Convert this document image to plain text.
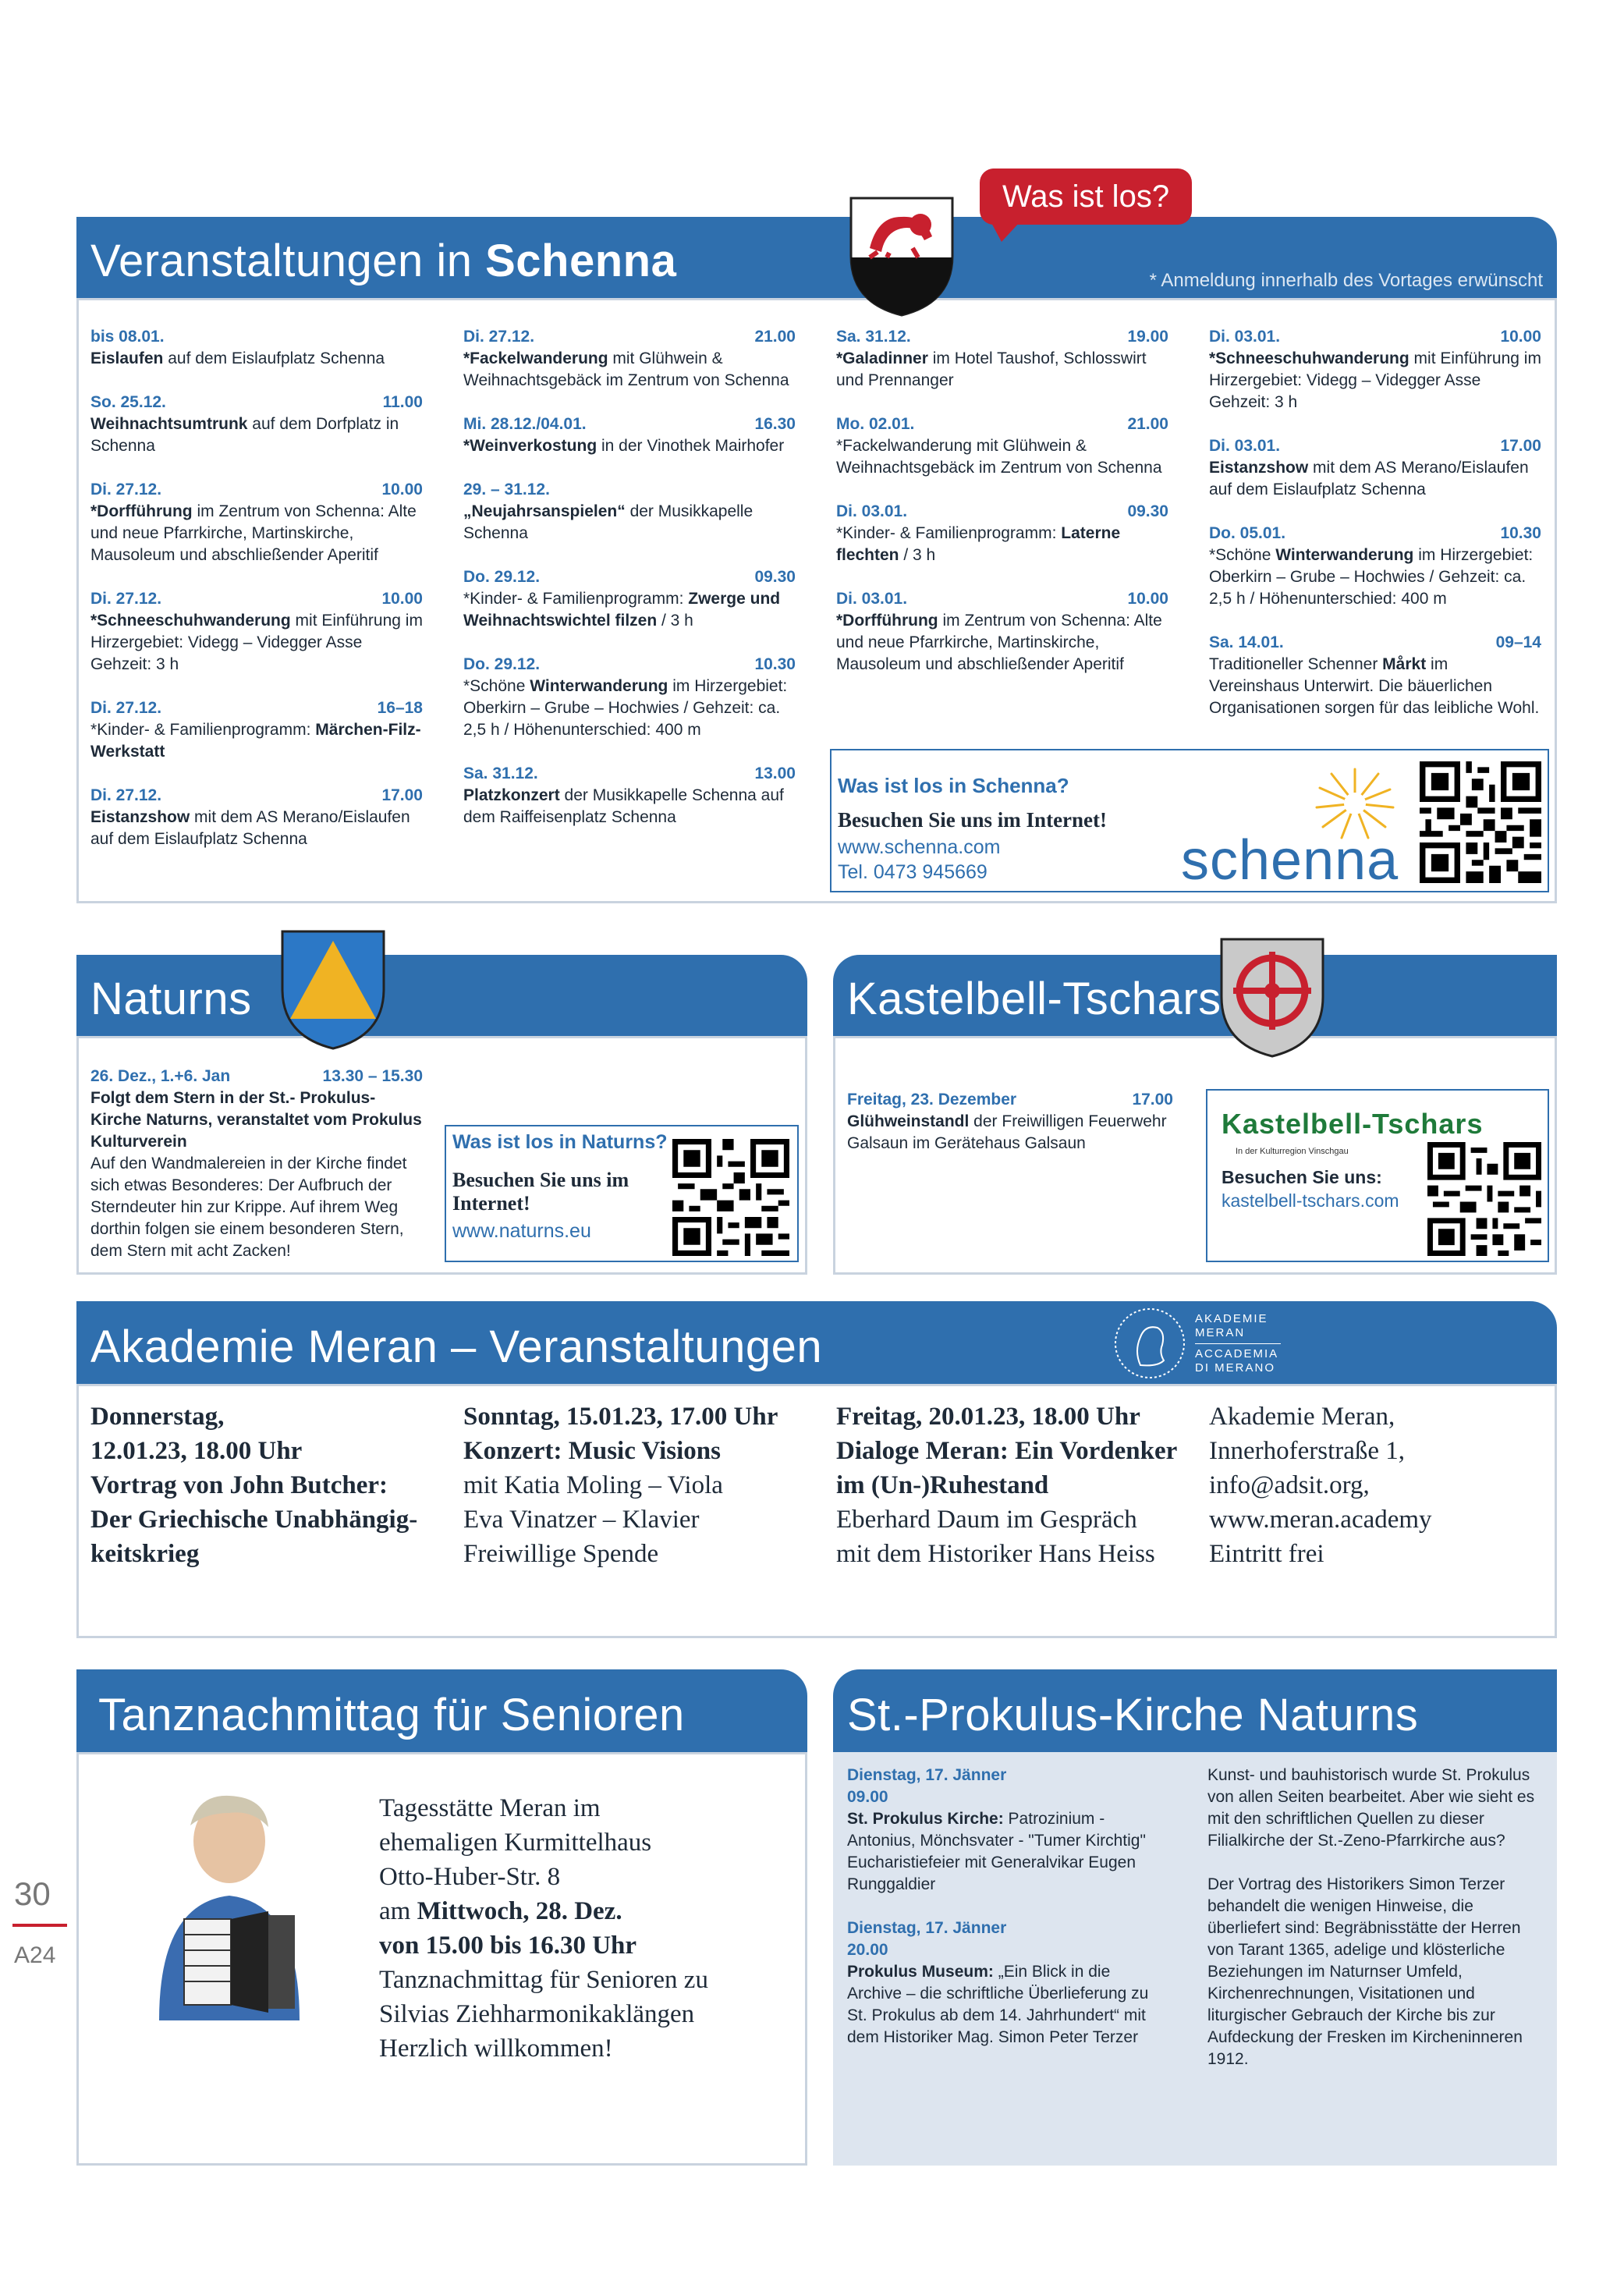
Veranstaltungen in Schenna	* Anmeldung innerhalb des Vortages erwünscht
Was ist los?
bis 08.01.
Eislaufen auf dem Eislaufplatz Schenna
So. 25.12.	11.00
Weihnachtsumtrunk auf dem Dorfplatz in Schenna
Di. 27.12.	10.00
*Dorfführung im Zentrum von Schenna: Alte und neue Pfarrkirche, Martinskirche, Mausoleum und abschließender Aperitif
Di. 27.12.	10.00
*Schneeschuhwanderung mit Einführung im Hirzergebiet: Videgg – Videgger Asse Gehzeit: 3 h
Di. 27.12.	16–18
*Kinder- & Familienprogramm: Märchen-Filz-Werkstatt
Di. 27.12.	17.00
Eistanzshow mit dem AS Merano/Eislaufen auf dem Eislaufplatz Schenna
Di. 27.12.	21.00
*Fackelwanderung mit Glühwein & Weihnachtsgebäck im Zentrum von Schenna
Mi. 28.12./04.01.	16.30
*Weinverkostung in der Vinothek Mairhofer
29. – 31.12.
„Neujahrsanspielen“ der Musikkapelle Schenna
Do. 29.12.	09.30
*Kinder- & Familienprogramm: Zwerge und Weihnachtswichtel filzen / 3 h
Do. 29.12.	10.30
*Schöne Winterwanderung im Hirzergebiet: Oberkirn – Grube – Hochwies / Gehzeit: ca. 2,5 h / Höhenunterschied: 400 m
Sa. 31.12.	13.00
Platzkonzert der Musikkapelle Schenna auf dem Raiffeisenplatz Schenna
Sa. 31.12.	19.00
*Galadinner im Hotel Taushof, Schlosswirt und Prennanger
Mo. 02.01.	21.00
*Fackelwanderung mit Glühwein & Weihnachtsgebäck im Zentrum von Schenna
Di. 03.01.	09.30
*Kinder- & Familienprogramm: Laterne flechten / 3 h
Di. 03.01.	10.00
*Dorfführung im Zentrum von Schenna: Alte und neue Pfarrkirche, Martinskirche, Mausoleum und abschließender Aperitif
Di. 03.01.	10.00
*Schneeschuhwanderung mit Einführung im Hirzergebiet: Videgg – Videgger Asse Gehzeit: 3 h
Di. 03.01.	17.00
Eistanzshow mit dem AS Merano/Eislaufen auf dem Eislaufplatz Schenna
Do. 05.01.	10.30
*Schöne Winterwanderung im Hirzergebiet: Oberkirn – Grube – Hochwies / Gehzeit: ca. 2,5 h / Höhenunterschied: 400 m
Sa. 14.01.	09–14
Traditioneller Schenner Mårkt im Vereinshaus Unterwirt. Die bäuerlichen Organisationen sorgen für das leibliche Wohl.
Was ist los in Schenna?
Besuchen Sie uns im Internet!
www.schenna.com
Tel. 0473 945669	schenna
Naturns
26. Dez., 1.+6. Jan	13.30 – 15.30
Folgt dem Stern in der St.- Prokulus-Kirche Naturns, veranstaltet vom Prokulus Kulturverein
Auf den Wandmalereien in der Kirche findet sich etwas Besonderes: Der Aufbruch der Sterndeuter hin zur Krippe. Auf ihrem Weg dorthin folgen sie einem besonderen Stern, dem Stern mit acht Zacken!
Was ist los in Naturns?
Besuchen Sie uns im Internet!
www.naturns.eu
Kastelbell-Tschars
Freitag, 23. Dezember	17.00
Glühweinstandl der Freiwilligen Feuerwehr Galsaun im Gerätehaus Galsaun
Kastelbell-Tschars
In der Kulturregion Vinschgau
Besuchen Sie uns:
kastelbell-tschars.com
Akademie Meran – Veranstaltungen
AKADEMIE
MERAN
ACCADEMIA
DI MERANO
Donnerstag,
12.01.23, 18.00 Uhr
Vortrag von John Butcher:
Der Griechische Unabhängig-
keitskrieg
Sonntag, 15.01.23, 17.00 Uhr
Konzert: Music Visions
mit Katia Moling – Viola
Eva Vinatzer – Klavier
Freiwillige Spende
Freitag, 20.01.23, 18.00 Uhr
Dialoge Meran: Ein Vordenker
im (Un-)Ruhestand
Eberhard Daum im Gespräch
mit dem Historiker Hans Heiss
Akademie Meran,
Innerhoferstraße 1,
info@adsit.org,
www.meran.academy
Eintritt frei
Tanznachmittag für Senioren
Tagesstätte Meran im
ehemaligen Kurmittelhaus
Otto-Huber-Str. 8
am Mittwoch, 28. Dez.
von 15.00 bis 16.30 Uhr
Tanznachmittag für Senioren zu
Silvias Ziehharmonikaklängen
Herzlich willkommen!
St.-Prokulus-Kirche Naturns
Dienstag, 17. Jänner
09.00
St. Prokulus Kirche: Patrozinium - Antonius, Mönchsvater - "Tumer Kirchtig" Eucharistiefeier mit Generalvikar Eugen Runggaldier
Dienstag, 17. Jänner
20.00
Prokulus Museum: „Ein Blick in die Archive – die schriftliche Überlieferung zu St. Prokulus ab dem 14. Jahrhundert“ mit dem Historiker Mag. Simon Peter Terzer
Kunst- und bauhistorisch wurde St. Prokulus von allen Seiten bearbeitet. Aber wie sieht es mit den schriftlichen Quellen zu dieser Filialkirche der St.-Zeno-Pfarrkirche aus?
Der Vortrag des Historikers Simon Terzer behandelt die wenigen Hinweise, die überliefert sind: Begräbnisstätte der Herren von Tarant 1365, adelige und klösterliche Beziehungen im Naturnser Umfeld, Kirchenrechnungen, Visitationen und liturgischer Gebrauch der Kirche bis zur Aufdeckung der Fresken im Kircheninneren 1912.
30
A24
